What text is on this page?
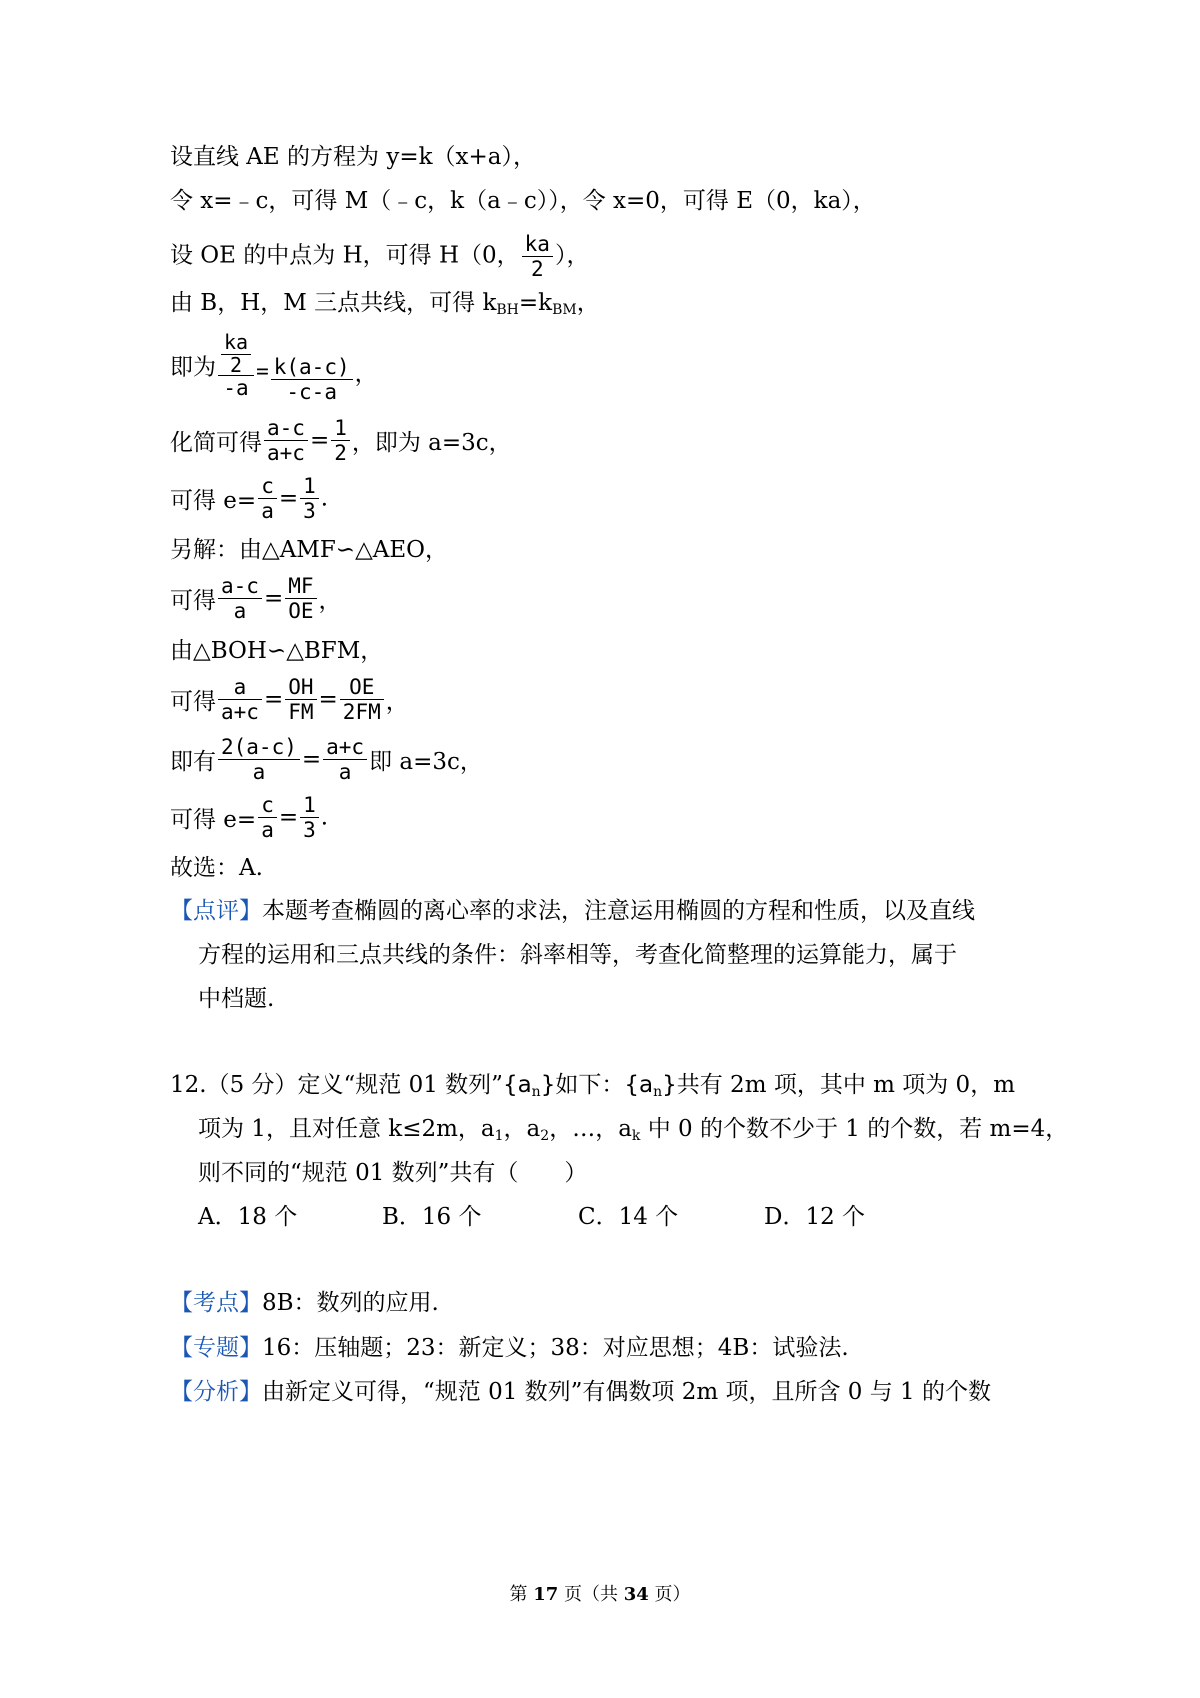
设直线 AE 的方程为 y=k（x+a），
令 x=﹣c，可得 M（﹣c，k（a﹣c）），令 x=0，可得 E（0，ka），
设 OE 的中点为 H，可得 H（0， $\frac{ka}{2}$ ），
由 B，H，M 三点共线，可得 $k_{BH}=k_{BM}$，
即为 $\frac{\frac{ka}{2}}{-a} = \frac{k(a-c)}{-c-a}$ ，
化简可得 $\frac{a-c}{a+c} = \frac{1}{2}$ ，即为 a=3c，
可得 $e= \frac{c}{a} = \frac{1}{3}$ .
另解：由△AMF∽△AEO，
可得 $\frac{a-c}{a} = \frac{MF}{OE}$ ，
由△BOH∽△BFM，
可得 $\frac{a}{a+c} = \frac{OH}{FM} = \frac{OE}{2FM}$ ，
即有 $\frac{2(a-c)}{a} = \frac{a+c}{a}$ 即 a=3c，
可得 $e= \frac{c}{a} = \frac{1}{3}$ .
故选：A.
【点评】本题考查椭圆的离心率的求法，注意运用椭圆的方程和性质，以及直线
方程的运用和三点共线的条件：斜率相等，考查化简整理的运算能力，属于
中档题.
12.（5 分）定义“规范 01 数列$”\{a_n\}$如下：$\{a_n\}$共有 2m 项，其中 m 项为 0，m
项为 1，且对任意 k≤2m，$a_1$，$a_2$，…，$a_k$ 中 0 的个数不少于 1 的个数，若 m=4，
则不同的“规范 01 数列”共有（　　）
A．18 个	B．16 个	C．14 个	D．12 个
【考点】8B：数列的应用.
【专题】16：压轴题；23：新定义；38：对应思想；4B：试验法.
【分析】由新定义可得，“规范 01 数列”有偶数项 2m 项，且所含 0 与 1 的个数
第 17 页（共 34 页）
